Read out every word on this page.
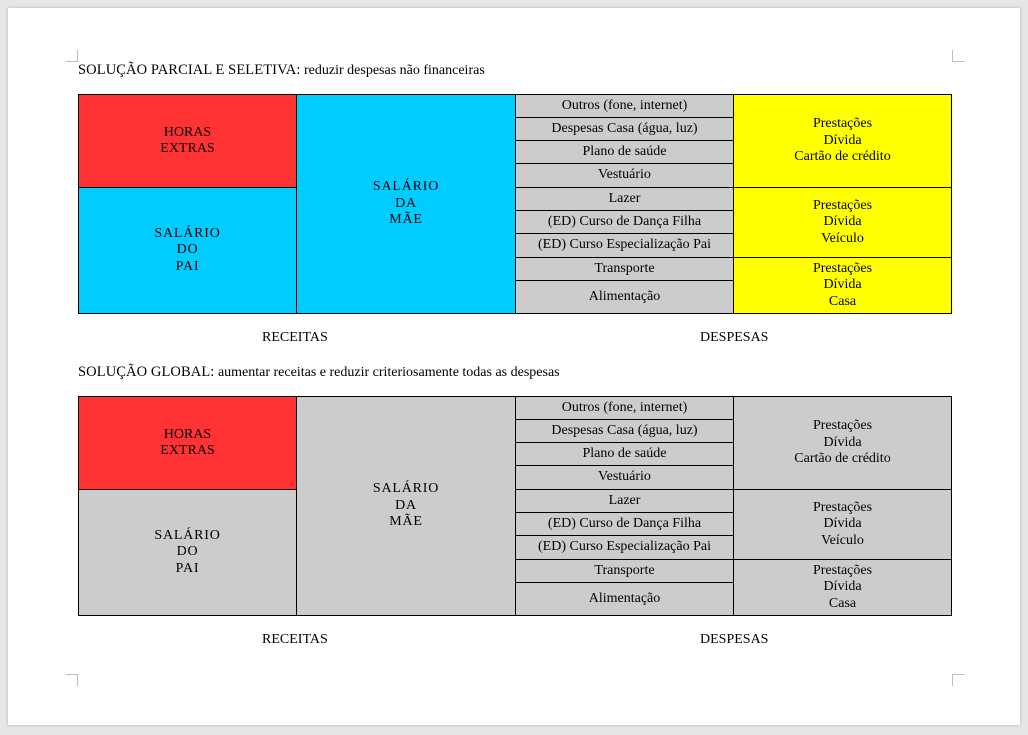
SOLUÇÃO PARCIAL E SELETIVA: reduzir despesas não financeiras
HORAS
EXTRAS
SALÁRIO
DO
PAI
SALÁRIO
DA
MÃE
Outros (fone, internet)
Despesas Casa (água, luz)
Plano de saúde
Vestuário
Lazer
(ED) Curso de Dança Filha
(ED) Curso Especialização Pai
Transporte
Alimentação
Prestações
Dívida
Cartão de crédito
Prestações
Dívida
Veículo
Prestações
Dívida
Casa
RECEITAS	DESPESAS
SOLUÇÃO GLOBAL: aumentar receitas e reduzir criteriosamente todas as despesas
HORAS
EXTRAS
SALÁRIO
DO
PAI
SALÁRIO
DA
MÃE
Outros (fone, internet)
Despesas Casa (água, luz)
Plano de saúde
Vestuário
Lazer
(ED) Curso de Dança Filha
(ED) Curso Especialização Pai
Transporte
Alimentação
Prestações
Dívida
Cartão de crédito
Prestações
Dívida
Veículo
Prestações
Dívida
Casa
RECEITAS	DESPESAS
